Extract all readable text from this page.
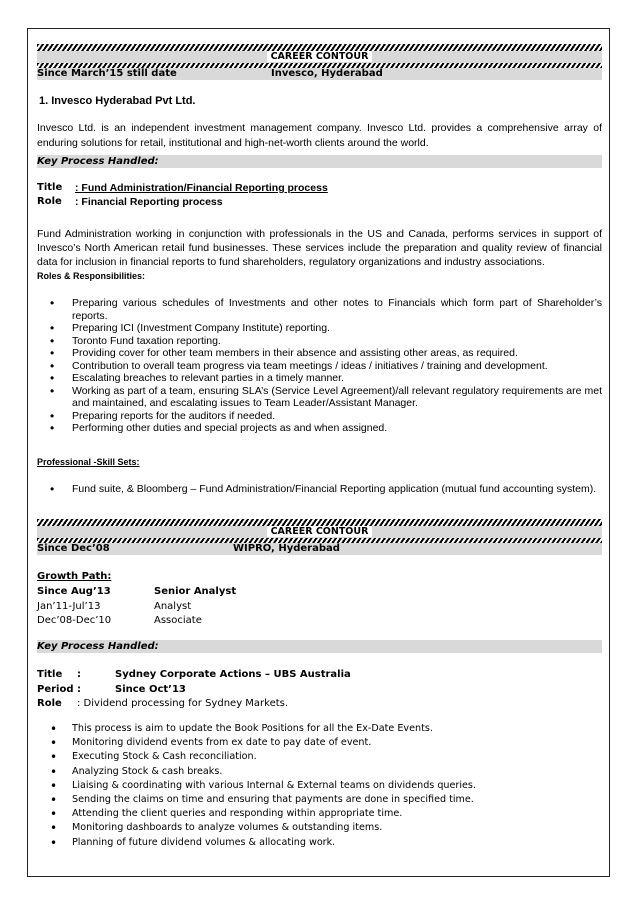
CAREER CONTOUR
Since March’15 still date	Invesco, Hyderabad
1. Invesco Hyderabad Pvt Ltd.
Invesco Ltd. is an independent investment management company. Invesco Ltd. provides a comprehensive array of enduring solutions for retail, institutional and high-net-worth clients around the world.
Key Process Handled:
Title : Fund Administration/Financial Reporting process
Role : Financial Reporting process
Fund Administration working in conjunction with professionals in the US and Canada, performs services in support of Invesco’s North American retail fund businesses. These services include the preparation and quality review of financial data for inclusion in financial reports to fund shareholders, regulatory organizations and industry associations.
Roles & Responsibilities:
• Preparing various schedules of Investments and other notes to Financials which form part of Shareholder’s reports.
• Preparing ICI (Investment Company Institute) reporting.
• Toronto Fund taxation reporting.
• Providing cover for other team members in their absence and assisting other areas, as required.
• Contribution to overall team progress via team meetings / ideas / initiatives / training and development.
• Escalating breaches to relevant parties in a timely manner.
• Working as part of a team, ensuring SLA’s (Service Level Agreement)/all relevant regulatory requirements are met and maintained, and escalating issues to Team Leader/Assistant Manager.
• Preparing reports for the auditors if needed.
• Performing other duties and special projects as and when assigned.
Professional -Skill Sets:
• Fund suite, & Bloomberg – Fund Administration/Financial Reporting application (mutual fund accounting system).
CAREER CONTOUR
Since Dec’08	WIPRO, Hyderabad
Growth Path:
Since Aug’13	Senior Analyst
Jan’11-Jul’13	Analyst
Dec’08-Dec’10	Associate
Key Process Handled:
Title :	Sydney Corporate Actions – UBS Australia
Period :	Since Oct’13
Role : Dividend processing for Sydney Markets.
• This process is aim to update the Book Positions for all the Ex-Date Events.
• Monitoring dividend events from ex date to pay date of event.
• Executing Stock & Cash reconciliation.
• Analyzing Stock & cash breaks.
• Liaising & coordinating with various Internal & External teams on dividends queries.
• Sending the claims on time and ensuring that payments are done in specified time.
• Attending the client queries and responding within appropriate time.
• Monitoring dashboards to analyze volumes & outstanding items.
• Planning of future dividend volumes & allocating work.
